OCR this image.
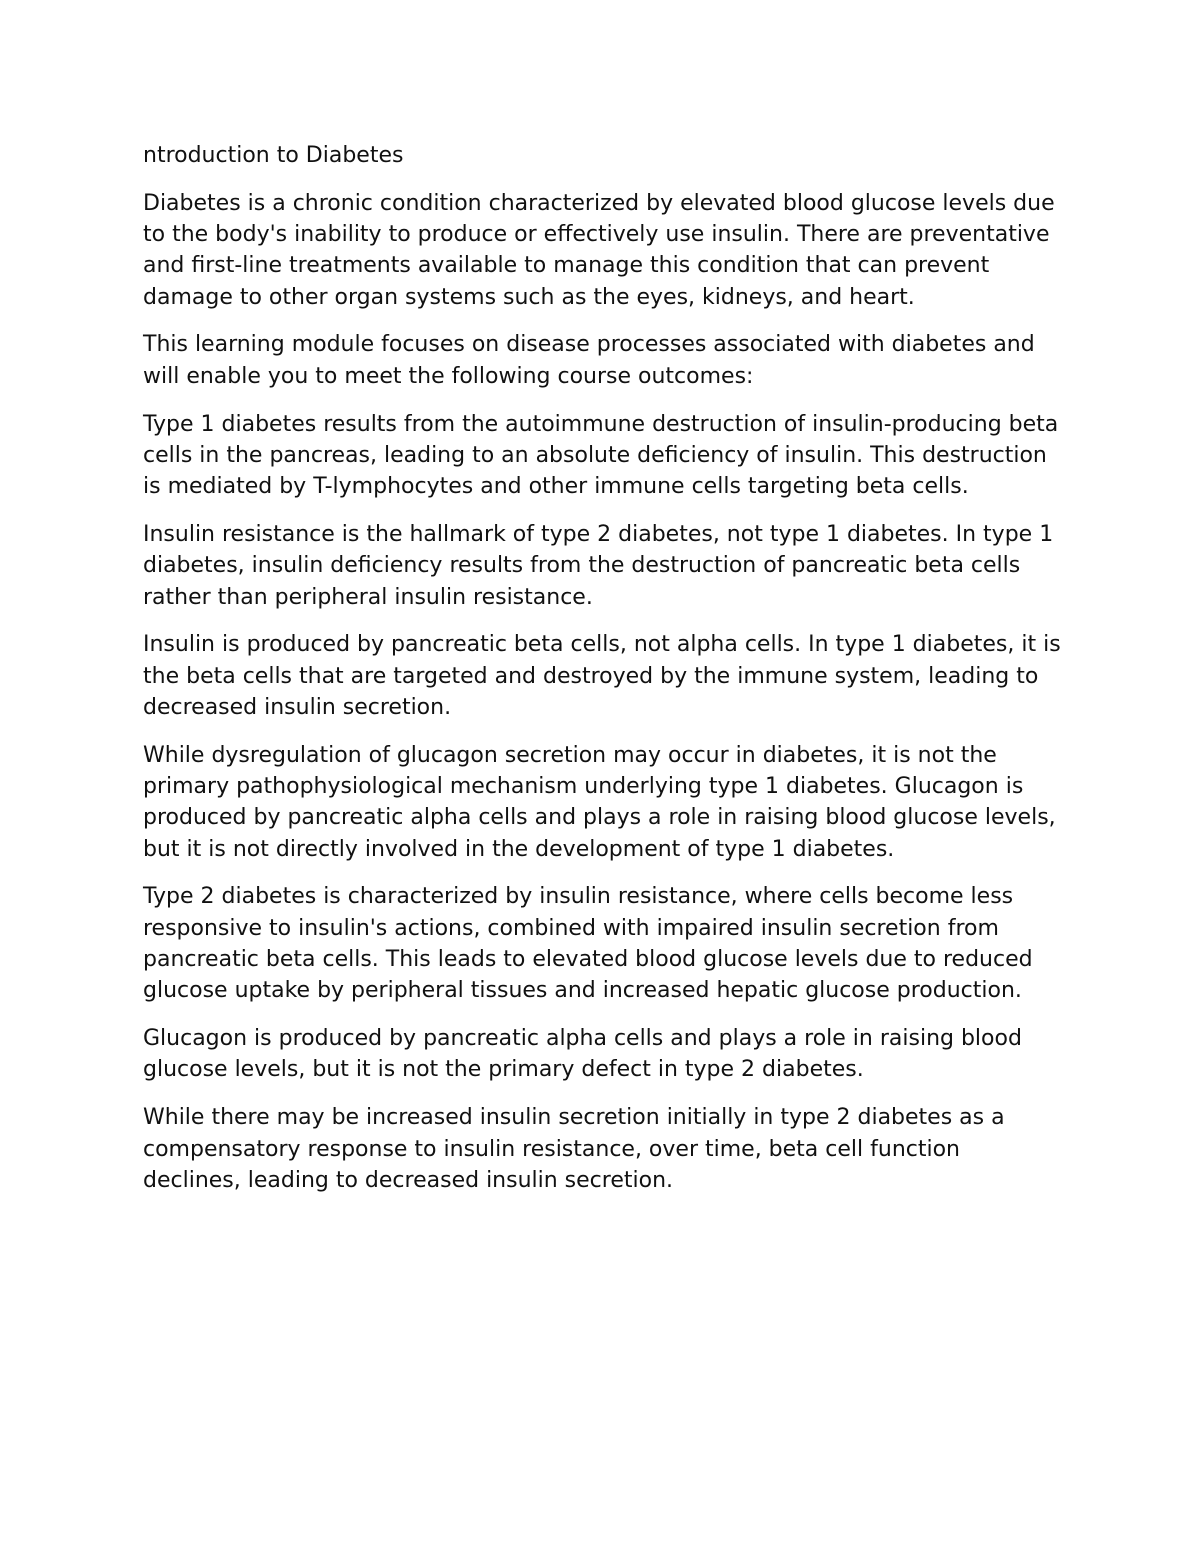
ntroduction to Diabetes

Diabetes is a chronic condition characterized by elevated blood glucose levels due to the body's inability to produce or effectively use insulin. There are preventative and first-line treatments available to manage this condition that can prevent damage to other organ systems such as the eyes, kidneys, and heart.

This learning module focuses on disease processes associated with diabetes and will enable you to meet the following course outcomes:

Type 1 diabetes results from the autoimmune destruction of insulin-producing beta cells in the pancreas, leading to an absolute deficiency of insulin. This destruction is mediated by T-lymphocytes and other immune cells targeting beta cells.

Insulin resistance is the hallmark of type 2 diabetes, not type 1 diabetes. In type 1 diabetes, insulin deficiency results from the destruction of pancreatic beta cells rather than peripheral insulin resistance.

Insulin is produced by pancreatic beta cells, not alpha cells. In type 1 diabetes, it is the beta cells that are targeted and destroyed by the immune system, leading to decreased insulin secretion.

While dysregulation of glucagon secretion may occur in diabetes, it is not the primary pathophysiological mechanism underlying type 1 diabetes. Glucagon is produced by pancreatic alpha cells and plays a role in raising blood glucose levels, but it is not directly involved in the development of type 1 diabetes.

Type 2 diabetes is characterized by insulin resistance, where cells become less responsive to insulin's actions, combined with impaired insulin secretion from pancreatic beta cells. This leads to elevated blood glucose levels due to reduced glucose uptake by peripheral tissues and increased hepatic glucose production.

Glucagon is produced by pancreatic alpha cells and plays a role in raising blood glucose levels, but it is not the primary defect in type 2 diabetes.

While there may be increased insulin secretion initially in type 2 diabetes as a compensatory response to insulin resistance, over time, beta cell function declines, leading to decreased insulin secretion.
